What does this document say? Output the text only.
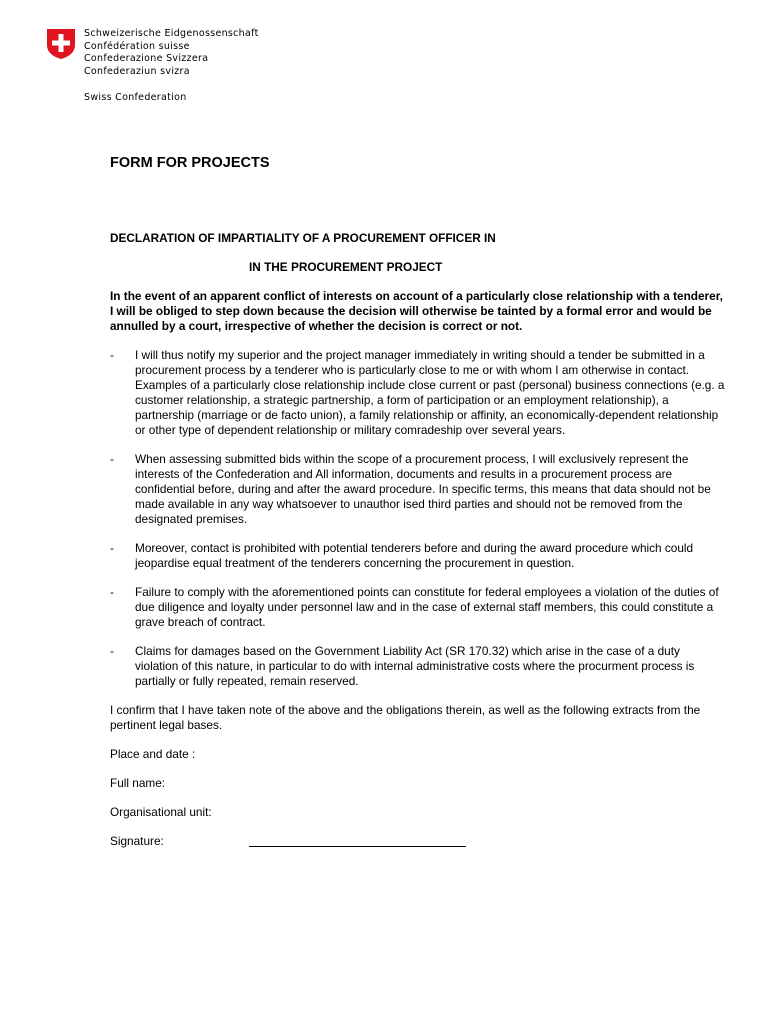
Schweizerische Eidgenossenschaft
Confédération suisse
Confederazione Svizzera
Confederaziun svizra
Swiss Confederation
FORM FOR PROJECTS
DECLARATION OF IMPARTIALITY OF A PROCUREMENT OFFICER IN
IN THE PROCUREMENT PROJECT

In the event of an apparent conflict of interests on account of a particularly close relationship with a tenderer, I will be obliged to step down because the decision will otherwise be tainted by a formal error and would be annulled by a court, irrespective of whether the decision is correct or not.

-	I will thus notify my superior and the project manager immediately in writing should a tender be submitted in a procurement process by a tenderer who is particularly close to me or with whom I am otherwise in contact. Examples of a particularly close relationship include close current or past (personal) business connections (e.g. a customer relationship, a strategic partnership, a form of participation or an employment relationship), a partnership (marriage or de facto union), a family relationship or affinity, an economically-dependent relationship or other type of dependent relationship or military comradeship over several years.
-	When assessing submitted bids within the scope of a procurement process, I will exclusively represent the interests of the Confederation and All information, documents and results in a procurement process are confidential before, during and after the award procedure. In specific terms, this means that data should not be made available in any way whatsoever to unauthor ised third parties and should not be removed from the designated premises.
-	Moreover, contact is prohibited with potential tenderers before and during the award procedure which could jeopardise equal treatment of the tenderers concerning the procurement in question.
-	Failure to comply with the aforementioned points can constitute for federal employees a violation of the duties of due diligence and loyalty under personnel law and in the case of external staff members, this could constitute a grave breach of contract.
-	Claims for damages based on the Government Liability Act (SR 170.32) which arise in the case of a duty violation of this nature, in particular to do with internal administrative costs where the procurment process is partially or fully repeated, remain reserved.

I confirm that I have taken note of the above and the obligations therein, as well as the following extracts from the pertinent legal bases.

Place and date :
Full name:
Organisational unit:
Signature:
